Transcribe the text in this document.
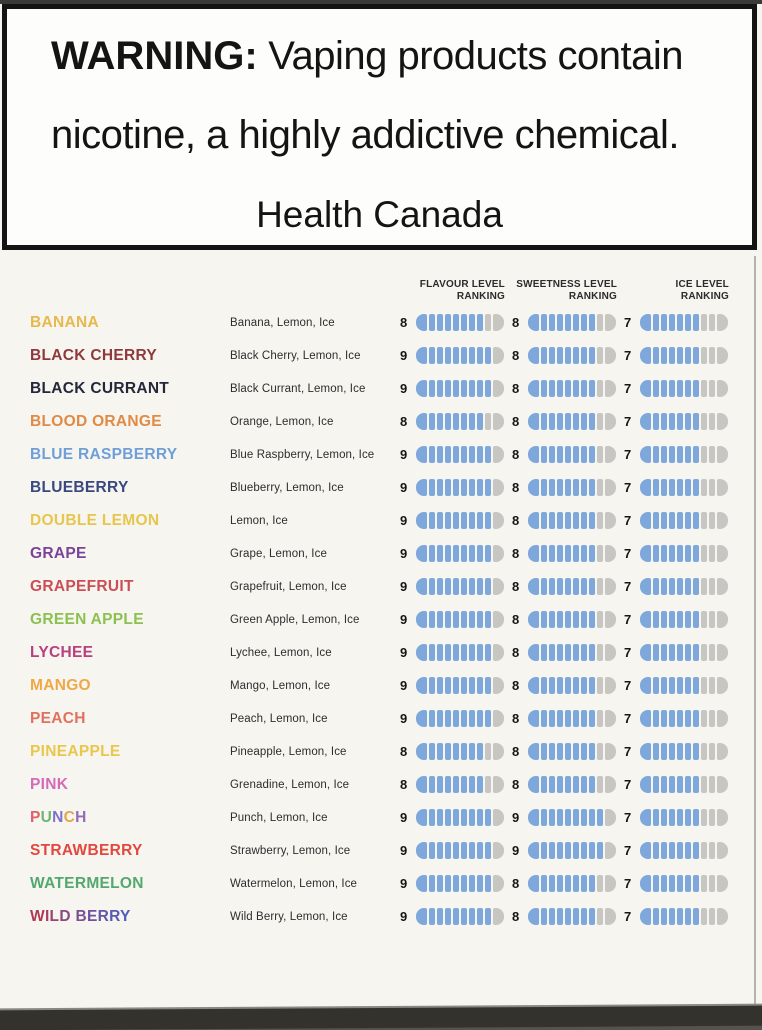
WARNING: Vaping products contain nicotine, a highly addictive chemical.
Health Canada
FLAVOUR LEVEL
RANKING
SWEETNESS LEVEL
RANKING
ICE LEVEL
RANKING
BANANA	Banana, Lemon, Ice	8	8	7
BLACK CHERRY	Black Cherry, Lemon, Ice	9	8	7
BLACK CURRANT	Black Currant, Lemon, Ice	9	8	7
BLOOD ORANGE	Orange, Lemon, Ice	8	8	7
BLUE RASPBERRY	Blue Raspberry, Lemon, Ice	9	8	7
BLUEBERRY	Blueberry, Lemon, Ice	9	8	7
DOUBLE LEMON	Lemon, Ice	9	8	7
GRAPE	Grape, Lemon, Ice	9	8	7
GRAPEFRUIT	Grapefruit, Lemon, Ice	9	8	7
GREEN APPLE	Green Apple, Lemon, Ice	9	8	7
LYCHEE	Lychee, Lemon, Ice	9	8	7
MANGO	Mango, Lemon, Ice	9	8	7
PEACH	Peach, Lemon, Ice	9	8	7
PINEAPPLE	Pineapple, Lemon, Ice	8	8	7
PINK	Grenadine, Lemon, Ice	8	8	7
PUNCH	Punch, Lemon, Ice	9	9	7
STRAWBERRY	Strawberry, Lemon, Ice	9	9	7
WATERMELON	Watermelon, Lemon, Ice	9	8	7
WILD BERRY	Wild Berry, Lemon, Ice	9	8	7
